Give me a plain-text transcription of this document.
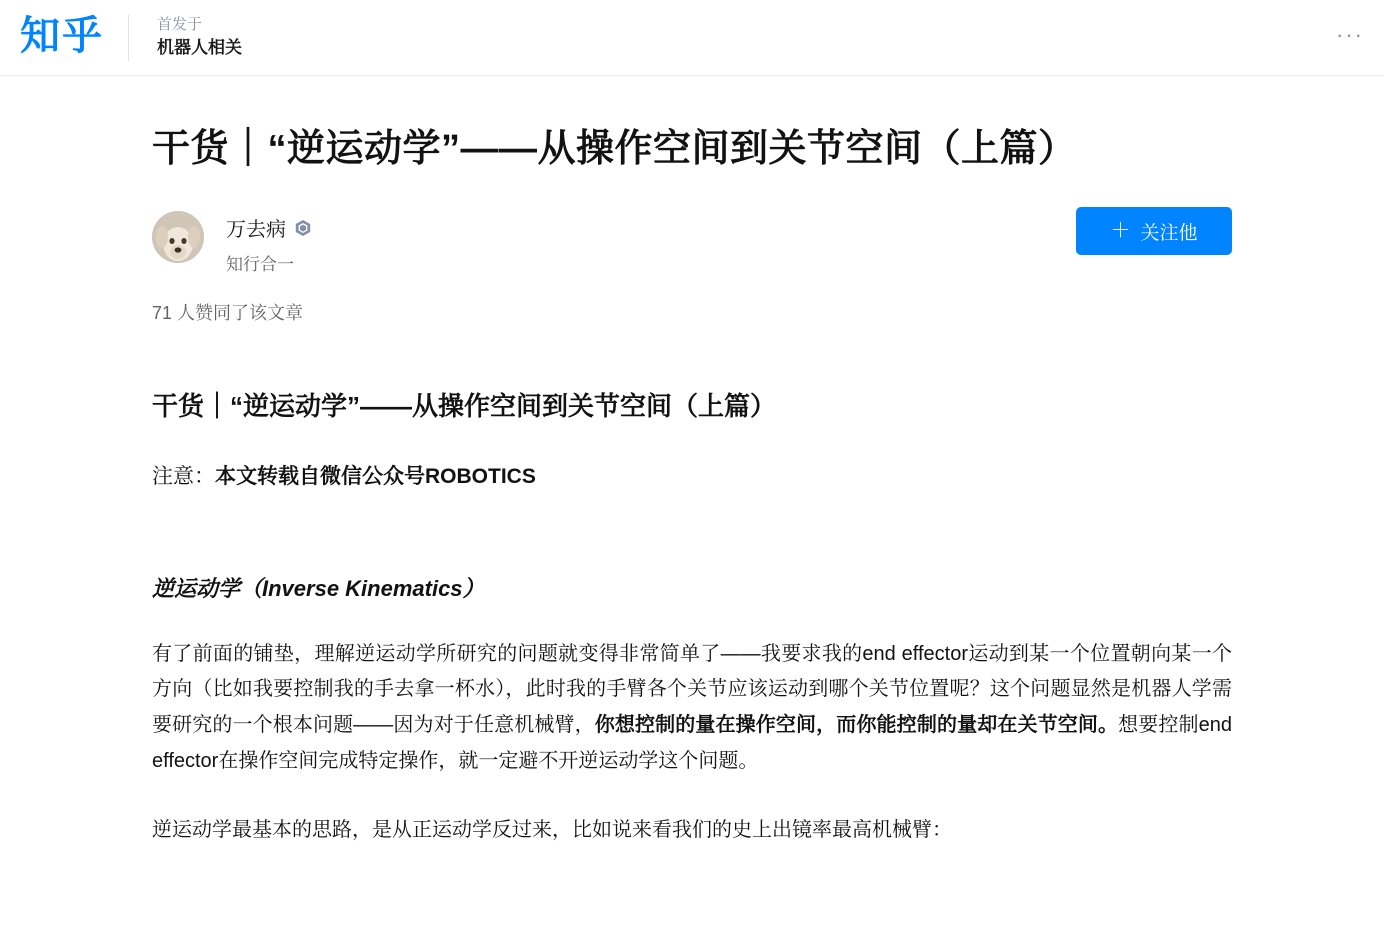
知乎	首发于
机器人相关
···
干货｜“逆运动学”——从操作空间到关节空间（上篇）
万去病
知行合一
＋ 关注他
71 人赞同了该文章
干货｜“逆运动学”——从操作空间到关节空间（上篇）
注意：本文转载自微信公众号ROBOTICS
逆运动学（Inverse Kinematics）

有了前面的铺垫，理解逆运动学所研究的问题就变得非常简单了——我要求我的end effector运动到某一个位置朝向某一个方向（比如我要控制我的手去拿一杯水），此时我的手臂各个关节应该运动到哪个关节位置呢？这个问题显然是机器人学需要研究的一个根本问题——因为对于任意机械臂，你想控制的量在操作空间，而你能控制的量却在关节空间。想要控制end effector在操作空间完成特定操作，就一定避不开逆运动学这个问题。

逆运动学最基本的思路，是从正运动学反过来，比如说来看我们的史上出镜率最高机械臂：
